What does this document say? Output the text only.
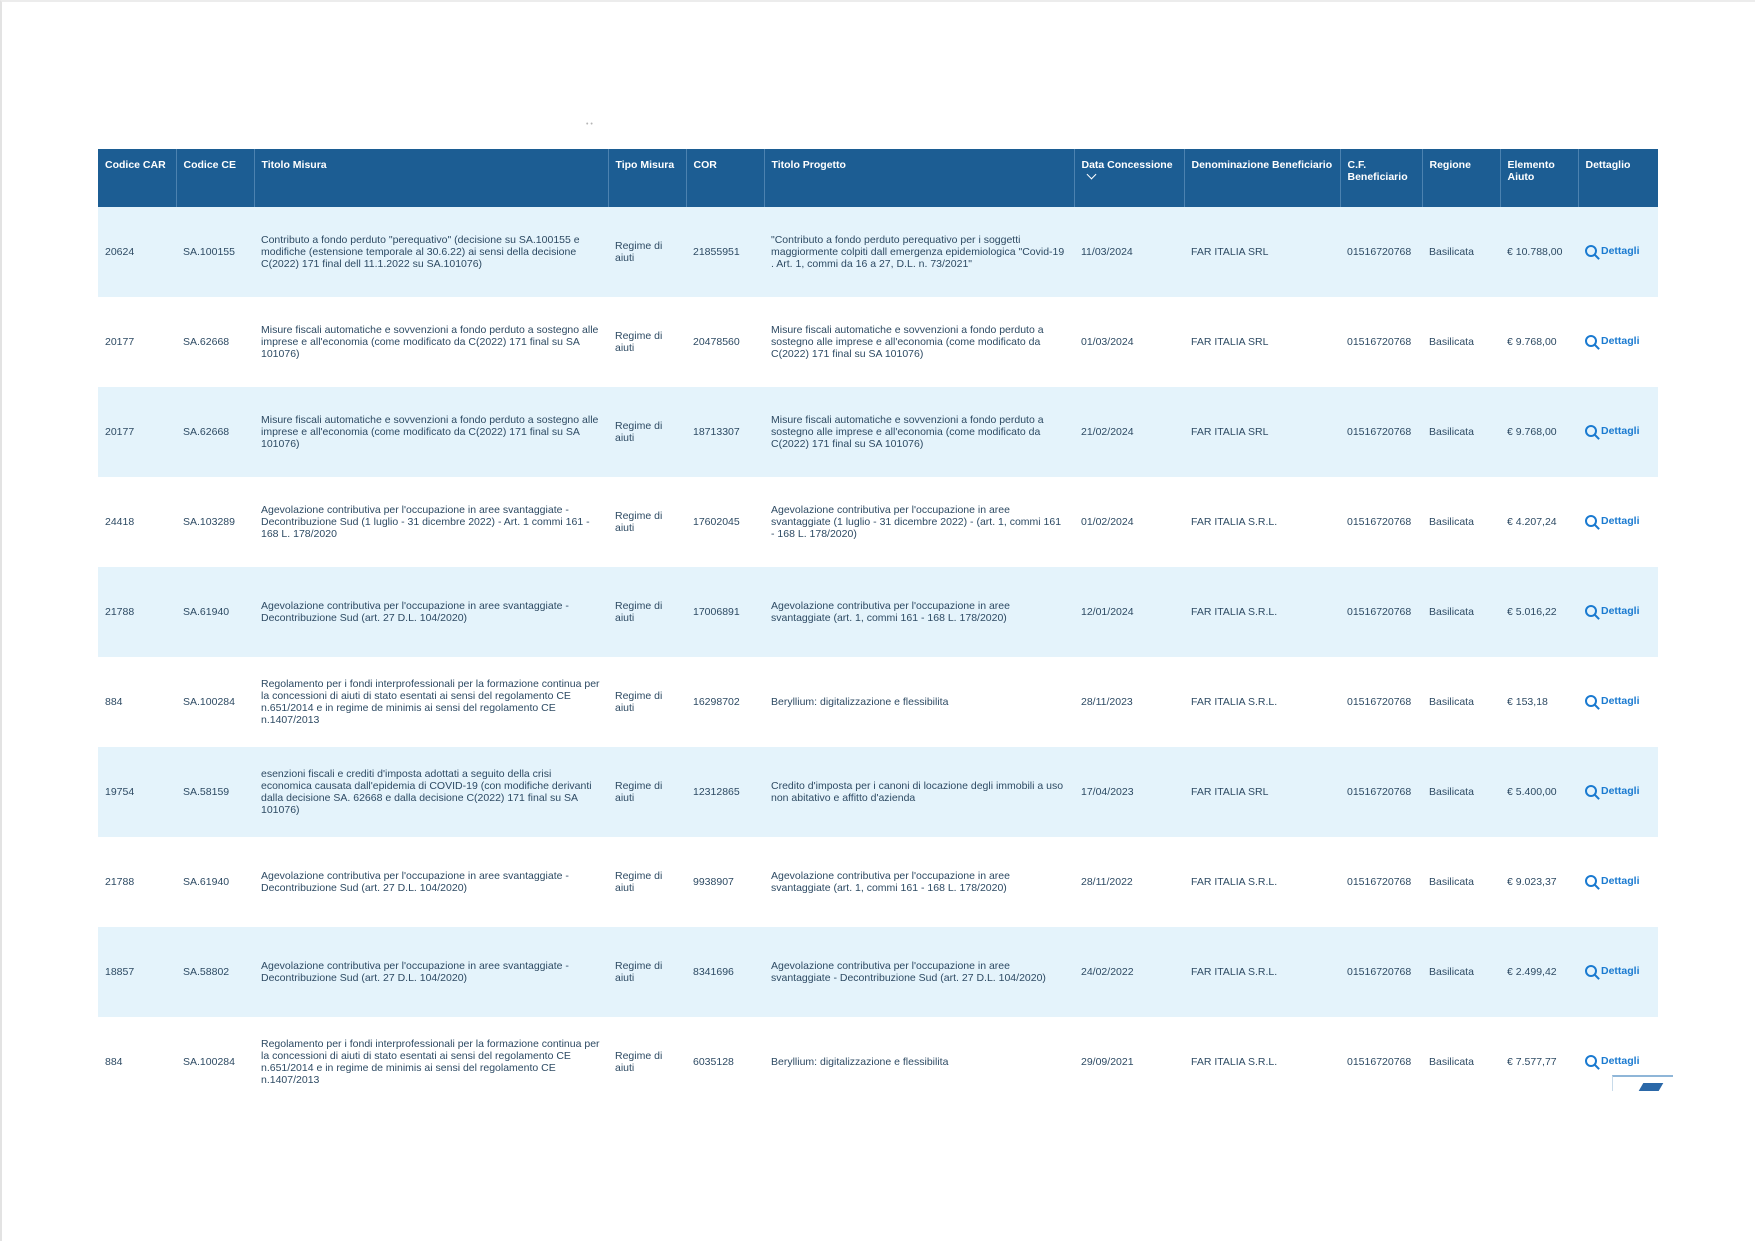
• •
•
Codice CAR	Codice CE	Titolo Misura	Tipo Misura	COR	Titolo Progetto	Data Concessione	Denominazione Beneficiario	C.F. Beneficiario	Regione	Elemento Aiuto	Dettaglio
20624	SA.100155	Contributo a fondo perduto "perequativo" (decisione su SA.100155 e modifiche (estensione temporale al 30.6.22) ai sensi della decisione C(2022) 171 final dell 11.1.2022 su SA.101076)	Regime di aiuti	21855951	"Contributo a fondo perduto perequativo per i soggetti maggiormente colpiti dall emergenza epidemiologica "Covid-19 . Art. 1, commi da 16 a 27, D.L. n. 73/2021"	11/03/2024	FAR ITALIA SRL	01516720768	Basilicata	€ 10.788,00	Dettagli

20177	SA.62668	Misure fiscali automatiche e sovvenzioni a fondo perduto a sostegno alle imprese e all'economia (come modificato da C(2022) 171 final su SA 101076)	Regime di aiuti	20478560	Misure fiscali automatiche e sovvenzioni a fondo perduto a sostegno alle imprese e all'economia (come modificato da C(2022) 171 final su SA 101076)	01/03/2024	FAR ITALIA SRL	01516720768	Basilicata	€ 9.768,00	Dettagli

20177	SA.62668	Misure fiscali automatiche e sovvenzioni a fondo perduto a sostegno alle imprese e all'economia (come modificato da C(2022) 171 final su SA 101076)	Regime di aiuti	18713307	Misure fiscali automatiche e sovvenzioni a fondo perduto a sostegno alle imprese e all'economia (come modificato da C(2022) 171 final su SA 101076)	21/02/2024	FAR ITALIA SRL	01516720768	Basilicata	€ 9.768,00	Dettagli

24418	SA.103289	Agevolazione contributiva per l'occupazione in aree svantaggiate - Decontribuzione Sud (1 luglio - 31 dicembre 2022) - Art. 1 commi 161 - 168 L. 178/2020	Regime di aiuti	17602045	Agevolazione contributiva per l'occupazione in aree svantaggiate (1 luglio - 31 dicembre 2022) - (art. 1, commi 161 - 168 L. 178/2020)	01/02/2024	FAR ITALIA S.R.L.	01516720768	Basilicata	€ 4.207,24	Dettagli

21788	SA.61940	Agevolazione contributiva per l'occupazione in aree svantaggiate - Decontribuzione Sud (art. 27 D.L. 104/2020)	Regime di aiuti	17006891	Agevolazione contributiva per l'occupazione in aree svantaggiate (art. 1, commi 161 - 168 L. 178/2020)	12/01/2024	FAR ITALIA S.R.L.	01516720768	Basilicata	€ 5.016,22	Dettagli

884	SA.100284	Regolamento per i fondi interprofessionali per la formazione continua per la concessioni di aiuti di stato esentati ai sensi del regolamento CE n.651/2014 e in regime de minimis ai sensi del regolamento CE n.1407/2013	Regime di aiuti	16298702	Beryllium: digitalizzazione e flessibilita	28/11/2023	FAR ITALIA S.R.L.	01516720768	Basilicata	€ 153,18	Dettagli

19754	SA.58159	esenzioni fiscali e crediti d'imposta adottati a seguito della crisi economica causata dall'epidemia di COVID-19 (con modifiche derivanti dalla decisione SA. 62668 e dalla decisione C(2022) 171 final su SA 101076)	Regime di aiuti	12312865	Credito d'imposta per i canoni di locazione degli immobili a uso non abitativo e affitto d'azienda	17/04/2023	FAR ITALIA SRL	01516720768	Basilicata	€ 5.400,00	Dettagli

21788	SA.61940	Agevolazione contributiva per l'occupazione in aree svantaggiate - Decontribuzione Sud (art. 27 D.L. 104/2020)	Regime di aiuti	9938907	Agevolazione contributiva per l'occupazione in aree svantaggiate (art. 1, commi 161 - 168 L. 178/2020)	28/11/2022	FAR ITALIA S.R.L.	01516720768	Basilicata	€ 9.023,37	Dettagli

18857	SA.58802	Agevolazione contributiva per l'occupazione in aree svantaggiate - Decontribuzione Sud (art. 27 D.L. 104/2020)	Regime di aiuti	8341696	Agevolazione contributiva per l'occupazione in aree svantaggiate - Decontribuzione Sud (art. 27 D.L. 104/2020)	24/02/2022	FAR ITALIA S.R.L.	01516720768	Basilicata	€ 2.499,42	Dettagli

884	SA.100284	Regolamento per i fondi interprofessionali per la formazione continua per la concessioni di aiuti di stato esentati ai sensi del regolamento CE n.651/2014 e in regime de minimis ai sensi del regolamento CE n.1407/2013	Regime di aiuti	6035128	Beryllium: digitalizzazione e flessibilita	29/09/2021	FAR ITALIA S.R.L.	01516720768	Basilicata	€ 7.577,77	Dettagli
